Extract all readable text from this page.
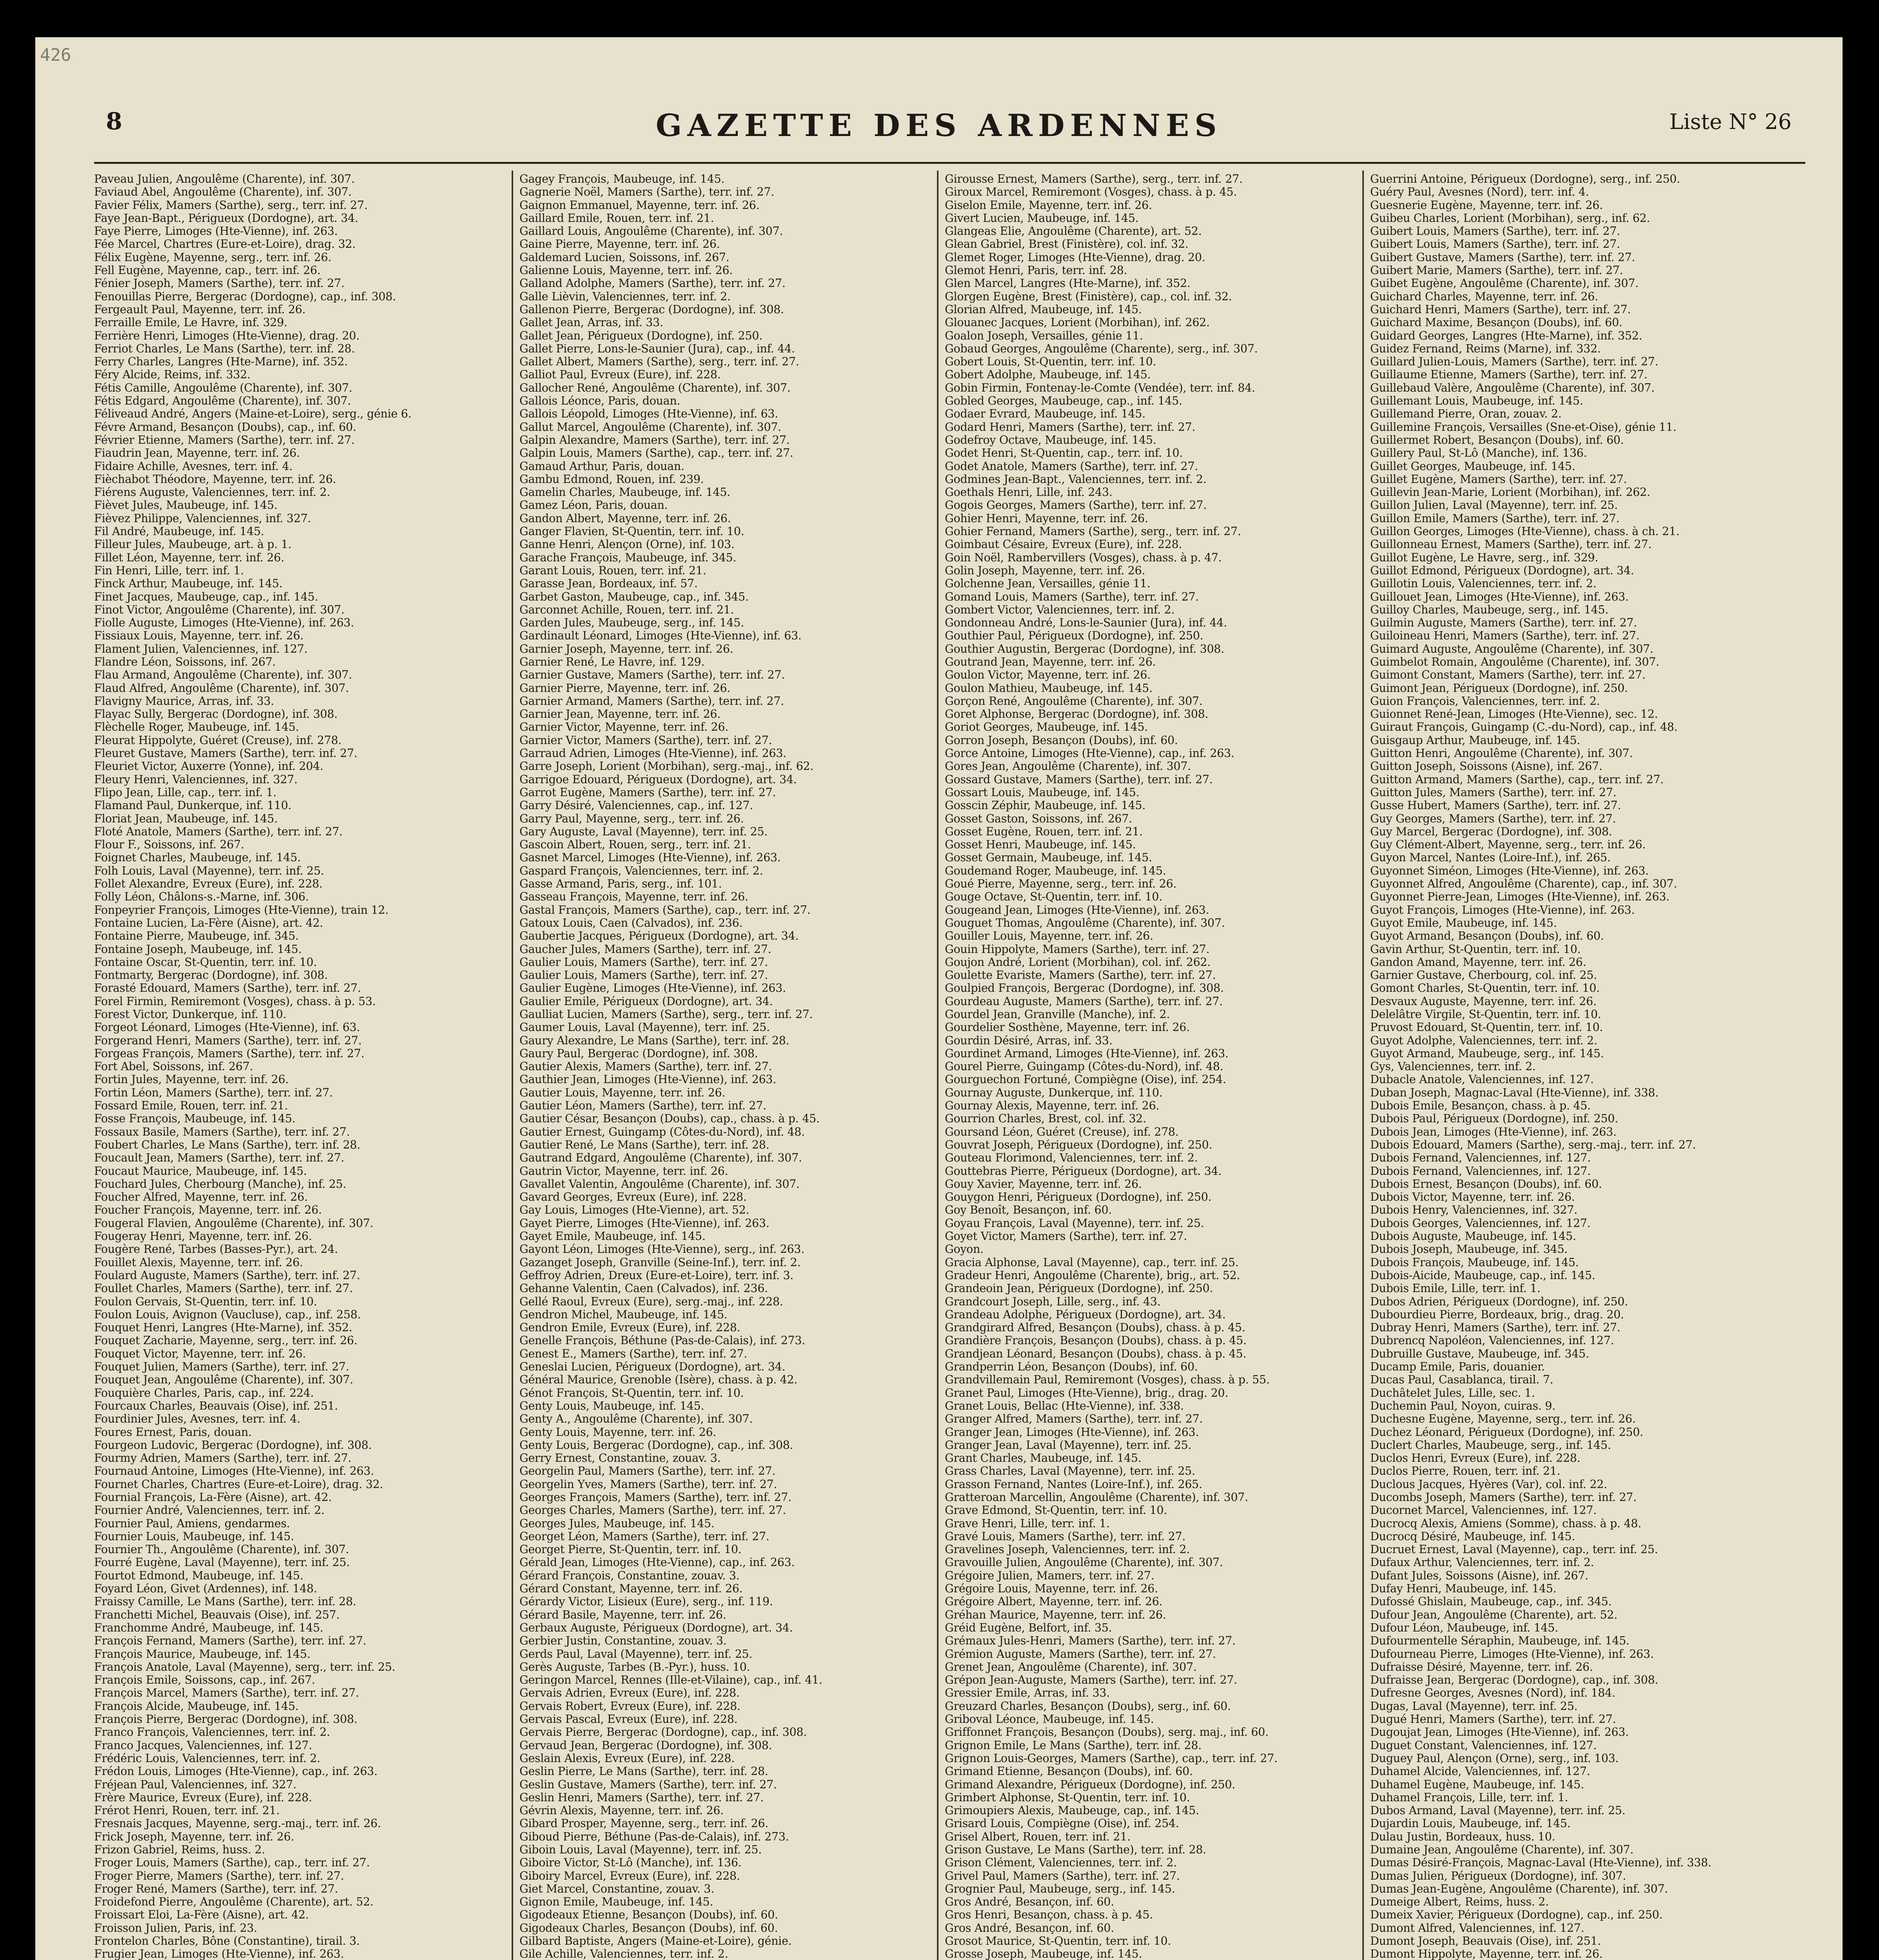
426
8	GAZETTE DES ARDENNES	Liste N° 26
Paveau Julien, Angoulême (Charente), inf. 307.
Faviaud Abel, Angoulême (Charente), inf. 307.
Favier Félix, Mamers (Sarthe), serg., terr. inf. 27.
Faye Jean-Bapt., Périgueux (Dordogne), art. 34.
Faye Pierre, Limoges (Hte-Vienne), inf. 263.
Fée Marcel, Chartres (Eure-et-Loire), drag. 32.
Félix Eugène, Mayenne, serg., terr. inf. 26.
Fell Eugène, Mayenne, cap., terr. inf. 26.
Fénier Joseph, Mamers (Sarthe), terr. inf. 27.
Fenouillas Pierre, Bergerac (Dordogne), cap., inf. 308.
Fergeault Paul, Mayenne, terr. inf. 26.
Ferraille Emile, Le Havre, inf. 329.
Ferrière Henri, Limoges (Hte-Vienne), drag. 20.
Ferriot Charles, Le Mans (Sarthe), terr. inf. 28.
Ferry Charles, Langres (Hte-Marne), inf. 352.
Féry Alcide, Reims, inf. 332.
Fétis Camille, Angoulême (Charente), inf. 307.
Fétis Edgard, Angoulême (Charente), inf. 307.
Féliveaud André, Angers (Maine-et-Loire), serg., génie 6.
Févre Armand, Besançon (Doubs), cap., inf. 60.
Février Etienne, Mamers (Sarthe), terr. inf. 27.
Fiaudrin Jean, Mayenne, terr. inf. 26.
Fidaire Achille, Avesnes, terr. inf. 4.
Fièchabot Théodore, Mayenne, terr. inf. 26.
Fiérens Auguste, Valenciennes, terr. inf. 2.
Fièvet Jules, Maubeuge, inf. 145.
Fièvez Philippe, Valenciennes, inf. 327.
Fil André, Maubeuge, inf. 145.
Filleur Jules, Maubeuge, art. à p. 1.
Fillet Léon, Mayenne, terr. inf. 26.
Fin Henri, Lille, terr. inf. 1.
Finck Arthur, Maubeuge, inf. 145.
Finet Jacques, Maubeuge, cap., inf. 145.
Finot Victor, Angoulême (Charente), inf. 307.
Fiolle Auguste, Limoges (Hte-Vienne), inf. 263.
Fissiaux Louis, Mayenne, terr. inf. 26.
Flament Julien, Valenciennes, inf. 127.
Flandre Léon, Soissons, inf. 267.
Flau Armand, Angoulême (Charente), inf. 307.
Flaud Alfred, Angoulême (Charente), inf. 307.
Flavigny Maurice, Arras, inf. 33.
Flayac Sully, Bergerac (Dordogne), inf. 308.
Flèchelle Roger, Maubeuge, inf. 145.
Fleurat Hippolyte, Guéret (Creuse), inf. 278.
Fleuret Gustave, Mamers (Sarthe), terr. inf. 27.
Fleuriet Victor, Auxerre (Yonne), inf. 204.
Fleury Henri, Valenciennes, inf. 327.
Flipo Jean, Lille, cap., terr. inf. 1.
Flamand Paul, Dunkerque, inf. 110.
Floriat Jean, Maubeuge, inf. 145.
Floté Anatole, Mamers (Sarthe), terr. inf. 27.
Flour F., Soissons, inf. 267.
Foignet Charles, Maubeuge, inf. 145.
Folh Louis, Laval (Mayenne), terr. inf. 25.
Follet Alexandre, Evreux (Eure), inf. 228.
Folly Léon, Châlons-s.-Marne, inf. 306.
Fonpeyrier François, Limoges (Hte-Vienne), train 12.
Fontaine Lucien, La-Fère (Aisne), art. 42.
Fontaine Pierre, Maubeuge, inf. 345.
Fontaine Joseph, Maubeuge, inf. 145.
Fontaine Oscar, St-Quentin, terr. inf. 10.
Fontmarty, Bergerac (Dordogne), inf. 308.
Forasté Edouard, Mamers (Sarthe), terr. inf. 27.
Forel Firmin, Remiremont (Vosges), chass. à p. 53.
Forest Victor, Dunkerque, inf. 110.
Forgeot Léonard, Limoges (Hte-Vienne), inf. 63.
Forgerand Henri, Mamers (Sarthe), terr. inf. 27.
Forgeas François, Mamers (Sarthe), terr. inf. 27.
Fort Abel, Soissons, inf. 267.
Fortin Jules, Mayenne, terr. inf. 26.
Fortin Léon, Mamers (Sarthe), terr. inf. 27.
Fossard Emile, Rouen, terr. inf. 21.
Fosse François, Maubeuge, inf. 145.
Fossaux Basile, Mamers (Sarthe), terr. inf. 27.
Foubert Charles, Le Mans (Sarthe), terr. inf. 28.
Foucault Jean, Mamers (Sarthe), terr. inf. 27.
Foucaut Maurice, Maubeuge, inf. 145.
Fouchard Jules, Cherbourg (Manche), inf. 25.
Foucher Alfred, Mayenne, terr. inf. 26.
Foucher François, Mayenne, terr. inf. 26.
Fougeral Flavien, Angoulême (Charente), inf. 307.
Fougeray Henri, Mayenne, terr. inf. 26.
Fougère René, Tarbes (Basses-Pyr.), art. 24.
Fouillet Alexis, Mayenne, terr. inf. 26.
Foulard Auguste, Mamers (Sarthe), terr. inf. 27.
Foullet Charles, Mamers (Sarthe), terr. inf. 27.
Foulon Gervais, St-Quentin, terr. inf. 10.
Foulon Louis, Avignon (Vaucluse), cap., inf. 258.
Fouquet Henri, Langres (Hte-Marne), inf. 352.
Fouquet Zacharie, Mayenne, serg., terr. inf. 26.
Fouquet Victor, Mayenne, terr. inf. 26.
Fouquet Julien, Mamers (Sarthe), terr. inf. 27.
Fouquet Jean, Angoulême (Charente), inf. 307.
Fouquière Charles, Paris, cap., inf. 224.
Fourcaux Charles, Beauvais (Oise), inf. 251.
Fourdinier Jules, Avesnes, terr. inf. 4.
Foures Ernest, Paris, douan.
Fourgeon Ludovic, Bergerac (Dordogne), inf. 308.
Fourmy Adrien, Mamers (Sarthe), terr. inf. 27.
Fournaud Antoine, Limoges (Hte-Vienne), inf. 263.
Fournet Charles, Chartres (Eure-et-Loire), drag. 32.
Fournial François, La-Fère (Aisne), art. 42.
Fournier André, Valenciennes, terr. inf. 2.
Fournier Paul, Amiens, gendarmes.
Fournier Louis, Maubeuge, inf. 145.
Fournier Th., Angoulême (Charente), inf. 307.
Fourré Eugène, Laval (Mayenne), terr. inf. 25.
Fourtot Edmond, Maubeuge, inf. 145.
Foyard Léon, Givet (Ardennes), inf. 148.
Fraissy Camille, Le Mans (Sarthe), terr. inf. 28.
Franchetti Michel, Beauvais (Oise), inf. 257.
Franchomme André, Maubeuge, inf. 145.
François Fernand, Mamers (Sarthe), terr. inf. 27.
François Maurice, Maubeuge, inf. 145.
François Anatole, Laval (Mayenne), serg., terr. inf. 25.
François Emile, Soissons, cap., inf. 267.
François Marcel, Mamers (Sarthe), terr. inf. 27.
François Alcide, Maubeuge, inf. 145.
François Pierre, Bergerac (Dordogne), inf. 308.
Franco François, Valenciennes, terr. inf. 2.
Franco Jacques, Valenciennes, inf. 127.
Frédéric Louis, Valenciennes, terr. inf. 2.
Frédon Louis, Limoges (Hte-Vienne), cap., inf. 263.
Fréjean Paul, Valenciennes, inf. 327.
Frère Maurice, Evreux (Eure), inf. 228.
Frérot Henri, Rouen, terr. inf. 21.
Fresnais Jacques, Mayenne, serg.-maj., terr. inf. 26.
Frick Joseph, Mayenne, terr. inf. 26.
Frizon Gabriel, Reims, huss. 2.
Froger Louis, Mamers (Sarthe), cap., terr. inf. 27.
Froger Pierre, Mamers (Sarthe), terr. inf. 27.
Froger René, Mamers (Sarthe), terr. inf. 27.
Froidefond Pierre, Angoulême (Charente), art. 52.
Froissart Eloi, La-Fère (Aisne), art. 42.
Froisson Julien, Paris, inf. 23.
Frontelon Charles, Bône (Constantine), tirail. 3.
Frugier Jean, Limoges (Hte-Vienne), inf. 263.
Gagey François, Maubeuge, inf. 145.
Gagnerie Noël, Mamers (Sarthe), terr. inf. 27.
Gaignon Emmanuel, Mayenne, terr. inf. 26.
Gaillard Emile, Rouen, terr. inf. 21.
Gaillard Louis, Angoulême (Charente), inf. 307.
Gaine Pierre, Mayenne, terr. inf. 26.
Galdemard Lucien, Soissons, inf. 267.
Galienne Louis, Mayenne, terr. inf. 26.
Galland Adolphe, Mamers (Sarthe), terr. inf. 27.
Galle Lièvin, Valenciennes, terr. inf. 2.
Gallenon Pierre, Bergerac (Dordogne), inf. 308.
Gallet Jean, Arras, inf. 33.
Gallet Jean, Périgueux (Dordogne), inf. 250.
Gallet Pierre, Lons-le-Saunier (Jura), cap., inf. 44.
Gallet Albert, Mamers (Sarthe), serg., terr. inf. 27.
Galliot Paul, Evreux (Eure), inf. 228.
Gallocher René, Angoulême (Charente), inf. 307.
Gallois Léonce, Paris, douan.
Gallois Léopold, Limoges (Hte-Vienne), inf. 63.
Gallut Marcel, Angoulême (Charente), inf. 307.
Galpin Alexandre, Mamers (Sarthe), terr. inf. 27.
Galpin Louis, Mamers (Sarthe), cap., terr. inf. 27.
Gamaud Arthur, Paris, douan.
Gambu Edmond, Rouen, inf. 239.
Gamelin Charles, Maubeuge, inf. 145.
Gamez Léon, Paris, douan.
Gandon Albert, Mayenne, terr. inf. 26.
Ganger Flavien, St-Quentin, terr. inf. 10.
Ganne Henri, Alençon (Orne), inf. 103.
Garache François, Maubeuge, inf. 345.
Garant Louis, Rouen, terr. inf. 21.
Garasse Jean, Bordeaux, inf. 57.
Garbet Gaston, Maubeuge, cap., inf. 345.
Garconnet Achille, Rouen, terr. inf. 21.
Garden Jules, Maubeuge, serg., inf. 145.
Gardinault Léonard, Limoges (Hte-Vienne), inf. 63.
Garnier Joseph, Mayenne, terr. inf. 26.
Garnier René, Le Havre, inf. 129.
Garnier Gustave, Mamers (Sarthe), terr. inf. 27.
Garnier Pierre, Mayenne, terr. inf. 26.
Garnier Armand, Mamers (Sarthe), terr. inf. 27.
Garnier Jean, Mayenne, terr. inf. 26.
Garnier Victor, Mayenne, terr. inf. 26.
Garnier Victor, Mamers (Sarthe), terr. inf. 27.
Garraud Adrien, Limoges (Hte-Vienne), inf. 263.
Garre Joseph, Lorient (Morbihan), serg.-maj., inf. 62.
Garrigoe Edouard, Périgueux (Dordogne), art. 34.
Garrot Eugène, Mamers (Sarthe), terr. inf. 27.
Garry Désiré, Valenciennes, cap., inf. 127.
Garry Paul, Mayenne, serg., terr. inf. 26.
Gary Auguste, Laval (Mayenne), terr. inf. 25.
Gascoin Albert, Rouen, serg., terr. inf. 21.
Gasnet Marcel, Limoges (Hte-Vienne), inf. 263.
Gaspard François, Valenciennes, terr. inf. 2.
Gasse Armand, Paris, serg., inf. 101.
Gasseau François, Mayenne, terr. inf. 26.
Gastal François, Mamers (Sarthe), cap., terr. inf. 27.
Gatoux Louis, Caen (Calvados), inf. 236.
Gaubertie Jacques, Périgueux (Dordogne), art. 34.
Gaucher Jules, Mamers (Sarthe), terr. inf. 27.
Gaulier Louis, Mamers (Sarthe), terr. inf. 27.
Gaulier Louis, Mamers (Sarthe), terr. inf. 27.
Gaulier Eugène, Limoges (Hte-Vienne), inf. 263.
Gaulier Emile, Périgueux (Dordogne), art. 34.
Gaulliat Lucien, Mamers (Sarthe), serg., terr. inf. 27.
Gaumer Louis, Laval (Mayenne), terr. inf. 25.
Gaury Alexandre, Le Mans (Sarthe), terr. inf. 28.
Gaury Paul, Bergerac (Dordogne), inf. 308.
Gautier Alexis, Mamers (Sarthe), terr. inf. 27.
Gauthier Jean, Limoges (Hte-Vienne), inf. 263.
Gautier Louis, Mayenne, terr. inf. 26.
Gautier Léon, Mamers (Sarthe), terr. inf. 27.
Gautier César, Besançon (Doubs), cap., chass. à p. 45.
Gautier Ernest, Guingamp (Côtes-du-Nord), inf. 48.
Gautier René, Le Mans (Sarthe), terr. inf. 28.
Gautrand Edgard, Angoulême (Charente), inf. 307.
Gautrin Victor, Mayenne, terr. inf. 26.
Gavallet Valentin, Angoulême (Charente), inf. 307.
Gavard Georges, Evreux (Eure), inf. 228.
Gay Louis, Limoges (Hte-Vienne), art. 52.
Gayet Pierre, Limoges (Hte-Vienne), inf. 263.
Gayet Emile, Maubeuge, inf. 145.
Gayont Léon, Limoges (Hte-Vienne), serg., inf. 263.
Gazanget Joseph, Granville (Seine-Inf.), terr. inf. 2.
Geffroy Adrien, Dreux (Eure-et-Loire), terr. inf. 3.
Gehanne Valentin, Caen (Calvados), inf. 236.
Gellé Raoul, Evreux (Eure), serg.-maj., inf. 228.
Gendron Michel, Maubeuge, inf. 145.
Gendron Emile, Evreux (Eure), inf. 228.
Genelle François, Béthune (Pas-de-Calais), inf. 273.
Genest E., Mamers (Sarthe), terr. inf. 27.
Geneslai Lucien, Périgueux (Dordogne), art. 34.
Général Maurice, Grenoble (Isère), chass. à p. 42.
Génot François, St-Quentin, terr. inf. 10.
Genty Louis, Maubeuge, inf. 145.
Genty A., Angoulême (Charente), inf. 307.
Genty Louis, Mayenne, terr. inf. 26.
Genty Louis, Bergerac (Dordogne), cap., inf. 308.
Gerry Ernest, Constantine, zouav. 3.
Georgelin Paul, Mamers (Sarthe), terr. inf. 27.
Georgelin Yves, Mamers (Sarthe), terr. inf. 27.
Georges François, Mamers (Sarthe), terr. inf. 27.
Georges Charles, Mamers (Sarthe), terr. inf. 27.
Georges Jules, Maubeuge, inf. 145.
Georget Léon, Mamers (Sarthe), terr. inf. 27.
Georget Pierre, St-Quentin, terr. inf. 10.
Gérald Jean, Limoges (Hte-Vienne), cap., inf. 263.
Gérard François, Constantine, zouav. 3.
Gérard Constant, Mayenne, terr. inf. 26.
Gérardy Victor, Lisieux (Eure), serg., inf. 119.
Gérard Basile, Mayenne, terr. inf. 26.
Gerbaux Auguste, Périgueux (Dordogne), art. 34.
Gerbier Justin, Constantine, zouav. 3.
Gerds Paul, Laval (Mayenne), terr. inf. 25.
Gerès Auguste, Tarbes (B.-Pyr.), huss. 10.
Geringon Marcel, Rennes (Ille-et-Vilaine), cap., inf. 41.
Gervais Adrien, Evreux (Eure), inf. 228.
Gervais Robert, Evreux (Eure), inf. 228.
Gervais Pascal, Evreux (Eure), inf. 228.
Gervais Pierre, Bergerac (Dordogne), cap., inf. 308.
Gervaud Jean, Bergerac (Dordogne), inf. 308.
Geslain Alexis, Evreux (Eure), inf. 228.
Geslin Pierre, Le Mans (Sarthe), terr. inf. 28.
Geslin Gustave, Mamers (Sarthe), terr. inf. 27.
Geslin Henri, Mamers (Sarthe), terr. inf. 27.
Gévrin Alexis, Mayenne, terr. inf. 26.
Gibard Prosper, Mayenne, serg., terr. inf. 26.
Giboud Pierre, Béthune (Pas-de-Calais), inf. 273.
Giboin Louis, Laval (Mayenne), terr. inf. 25.
Giboire Victor, St-Lô (Manche), inf. 136.
Giboiry Marcel, Evreux (Eure), inf. 228.
Giet Marcel, Constantine, zouav. 3.
Gignon Emile, Maubeuge, inf. 145.
Gigodeaux Etienne, Besançon (Doubs), inf. 60.
Gigodeaux Charles, Besançon (Doubs), inf. 60.
Gilbard Baptiste, Angers (Maine-et-Loire), génie.
Gile Achille, Valenciennes, terr. inf. 2.
Girousse Ernest, Mamers (Sarthe), serg., terr. inf. 27.
Giroux Marcel, Remiremont (Vosges), chass. à p. 45.
Giselon Emile, Mayenne, terr. inf. 26.
Givert Lucien, Maubeuge, inf. 145.
Glangeas Elie, Angoulême (Charente), art. 52.
Glean Gabriel, Brest (Finistère), col. inf. 32.
Glemet Roger, Limoges (Hte-Vienne), drag. 20.
Glemot Henri, Paris, terr. inf. 28.
Glen Marcel, Langres (Hte-Marne), inf. 352.
Glorgen Eugène, Brest (Finistère), cap., col. inf. 32.
Glorian Alfred, Maubeuge, inf. 145.
Glouanec Jacques, Lorient (Morbihan), inf. 262.
Goalon Joseph, Versailles, génie 11.
Gobaud Georges, Angoulême (Charente), serg., inf. 307.
Gobert Louis, St-Quentin, terr. inf. 10.
Gobert Adolphe, Maubeuge, inf. 145.
Gobin Firmin, Fontenay-le-Comte (Vendée), terr. inf. 84.
Gobled Georges, Maubeuge, cap., inf. 145.
Godaer Evrard, Maubeuge, inf. 145.
Godard Henri, Mamers (Sarthe), terr. inf. 27.
Godefroy Octave, Maubeuge, inf. 145.
Godet Henri, St-Quentin, cap., terr. inf. 10.
Godet Anatole, Mamers (Sarthe), terr. inf. 27.
Godmines Jean-Bapt., Valenciennes, terr. inf. 2.
Goethals Henri, Lille, inf. 243.
Gogois Georges, Mamers (Sarthe), terr. inf. 27.
Gohier Henri, Mayenne, terr. inf. 26.
Gohier Fernand, Mamers (Sarthe), serg., terr. inf. 27.
Goimbaut Césaire, Evreux (Eure), inf. 228.
Goin Noël, Rambervillers (Vosges), chass. à p. 47.
Golin Joseph, Mayenne, terr. inf. 26.
Golchenne Jean, Versailles, génie 11.
Gomand Louis, Mamers (Sarthe), terr. inf. 27.
Gombert Victor, Valenciennes, terr. inf. 2.
Gondonneau André, Lons-le-Saunier (Jura), inf. 44.
Gouthier Paul, Périgueux (Dordogne), inf. 250.
Gouthier Augustin, Bergerac (Dordogne), inf. 308.
Goutrand Jean, Mayenne, terr. inf. 26.
Goulon Victor, Mayenne, terr. inf. 26.
Goulon Mathieu, Maubeuge, inf. 145.
Gorçon René, Angoulême (Charente), inf. 307.
Goret Alphonse, Bergerac (Dordogne), inf. 308.
Goriot Georges, Maubeuge, inf. 145.
Gorron Joseph, Besançon (Doubs), inf. 60.
Gorce Antoine, Limoges (Hte-Vienne), cap., inf. 263.
Gores Jean, Angoulême (Charente), inf. 307.
Gossard Gustave, Mamers (Sarthe), terr. inf. 27.
Gossart Louis, Maubeuge, inf. 145.
Gosscin Zéphir, Maubeuge, inf. 145.
Gosset Gaston, Soissons, inf. 267.
Gosset Eugène, Rouen, terr. inf. 21.
Gosset Henri, Maubeuge, inf. 145.
Gosset Germain, Maubeuge, inf. 145.
Goudemand Roger, Maubeuge, inf. 145.
Goué Pierre, Mayenne, serg., terr. inf. 26.
Gouge Octave, St-Quentin, terr. inf. 10.
Gougeand Jean, Limoges (Hte-Vienne), inf. 263.
Gouguet Thomas, Angoulême (Charente), inf. 307.
Gouiller Louis, Mayenne, terr. inf. 26.
Gouin Hippolyte, Mamers (Sarthe), terr. inf. 27.
Goujon André, Lorient (Morbihan), col. inf. 262.
Goulette Evariste, Mamers (Sarthe), terr. inf. 27.
Goulpied François, Bergerac (Dordogne), inf. 308.
Gourdeau Auguste, Mamers (Sarthe), terr. inf. 27.
Gourdel Jean, Granville (Manche), inf. 2.
Gourdelier Sosthène, Mayenne, terr. inf. 26.
Gourdin Désiré, Arras, inf. 33.
Gourdinet Armand, Limoges (Hte-Vienne), inf. 263.
Gourel Pierre, Guingamp (Côtes-du-Nord), inf. 48.
Gourguechon Fortuné, Compiègne (Oise), inf. 254.
Gournay Auguste, Dunkerque, inf. 110.
Gournay Alexis, Mayenne, terr. inf. 26.
Gourrion Charles, Brest, col. inf. 32.
Goursand Léon, Guéret (Creuse), inf. 278.
Gouvrat Joseph, Périgueux (Dordogne), inf. 250.
Gouteau Florimond, Valenciennes, terr. inf. 2.
Gouttebras Pierre, Périgueux (Dordogne), art. 34.
Gouy Xavier, Mayenne, terr. inf. 26.
Gouygon Henri, Périgueux (Dordogne), inf. 250.
Goy Benoît, Besançon, inf. 60.
Goyau François, Laval (Mayenne), terr. inf. 25.
Goyet Victor, Mamers (Sarthe), terr. inf. 27.
Goyon.
Gracia Alphonse, Laval (Mayenne), cap., terr. inf. 25.
Gradeur Henri, Angoulême (Charente), brig., art. 52.
Grandeoin Jean, Périgueux (Dordogne), inf. 250.
Grandcourt Joseph, Lille, serg., inf. 43.
Grandeau Adolphe, Périgueux (Dordogne), art. 34.
Grandgirard Alfred, Besançon (Doubs), chass. à p. 45.
Grandière François, Besançon (Doubs), chass. à p. 45.
Grandjean Léonard, Besançon (Doubs), chass. à p. 45.
Grandperrin Léon, Besançon (Doubs), inf. 60.
Grandvillemain Paul, Remiremont (Vosges), chass. à p. 55.
Granet Paul, Limoges (Hte-Vienne), brig., drag. 20.
Granet Louis, Bellac (Hte-Vienne), inf. 338.
Granger Alfred, Mamers (Sarthe), terr. inf. 27.
Granger Jean, Limoges (Hte-Vienne), inf. 263.
Granger Jean, Laval (Mayenne), terr. inf. 25.
Grant Charles, Maubeuge, inf. 145.
Grass Charles, Laval (Mayenne), terr. inf. 25.
Grasson Fernand, Nantes (Loire-Inf.), inf. 265.
Gratteroan Marcellin, Angoulême (Charente), inf. 307.
Grave Edmond, St-Quentin, terr. inf. 10.
Grave Henri, Lille, terr. inf. 1.
Gravé Louis, Mamers (Sarthe), terr. inf. 27.
Gravelines Joseph, Valenciennes, terr. inf. 2.
Gravouille Julien, Angoulême (Charente), inf. 307.
Grégoire Julien, Mamers, terr. inf. 27.
Grégoire Louis, Mayenne, terr. inf. 26.
Grégoire Albert, Mayenne, terr. inf. 26.
Gréhan Maurice, Mayenne, terr. inf. 26.
Gréid Eugène, Belfort, inf. 35.
Grémaux Jules-Henri, Mamers (Sarthe), terr. inf. 27.
Grémion Auguste, Mamers (Sarthe), terr. inf. 27.
Grenet Jean, Angoulême (Charente), inf. 307.
Grépon Jean-Auguste, Mamers (Sarthe), terr. inf. 27.
Gressier Emile, Arras, inf. 33.
Greuzard Charles, Besançon (Doubs), serg., inf. 60.
Griboval Léonce, Maubeuge, inf. 145.
Griffonnet François, Besançon (Doubs), serg. maj., inf. 60.
Grignon Emile, Le Mans (Sarthe), terr. inf. 28.
Grignon Louis-Georges, Mamers (Sarthe), cap., terr. inf. 27.
Grimand Etienne, Besançon (Doubs), inf. 60.
Grimand Alexandre, Périgueux (Dordogne), inf. 250.
Grimbert Alphonse, St-Quentin, terr. inf. 10.
Grimoupiers Alexis, Maubeuge, cap., inf. 145.
Grisard Louis, Compiègne (Oise), inf. 254.
Grisel Albert, Rouen, terr. inf. 21.
Grison Gustave, Le Mans (Sarthe), terr. inf. 28.
Grison Clément, Valenciennes, terr. inf. 2.
Grivel Paul, Mamers (Sarthe), terr. inf. 27.
Grognier Paul, Maubeuge, serg., inf. 145.
Gros André, Besançon, inf. 60.
Gros Henri, Besançon, chass. à p. 45.
Gros André, Besançon, inf. 60.
Grosot Maurice, St-Quentin, terr. inf. 10.
Grosse Joseph, Maubeuge, inf. 145.
Guerrini Antoine, Périgueux (Dordogne), serg., inf. 250.
Guéry Paul, Avesnes (Nord), terr. inf. 4.
Guesnerie Eugène, Mayenne, terr. inf. 26.
Guibeu Charles, Lorient (Morbihan), serg., inf. 62.
Guibert Louis, Mamers (Sarthe), terr. inf. 27.
Guibert Louis, Mamers (Sarthe), terr. inf. 27.
Guibert Gustave, Mamers (Sarthe), terr. inf. 27.
Guibert Marie, Mamers (Sarthe), terr. inf. 27.
Guibet Eugène, Angoulême (Charente), inf. 307.
Guichard Charles, Mayenne, terr. inf. 26.
Guichard Henri, Mamers (Sarthe), terr. inf. 27.
Guichard Maxime, Besançon (Doubs), inf. 60.
Guidard Georges, Langres (Hte-Marne), inf. 352.
Guidez Fernand, Reims (Marne), inf. 332.
Guillard Julien-Louis, Mamers (Sarthe), terr. inf. 27.
Guillaume Etienne, Mamers (Sarthe), terr. inf. 27.
Guillebaud Valère, Angoulême (Charente), inf. 307.
Guillemant Louis, Maubeuge, inf. 145.
Guillemand Pierre, Oran, zouav. 2.
Guillemine François, Versailles (Sne-et-Oise), génie 11.
Guillermet Robert, Besançon (Doubs), inf. 60.
Guillery Paul, St-Lô (Manche), inf. 136.
Guillet Georges, Maubeuge, inf. 145.
Guillet Eugène, Mamers (Sarthe), terr. inf. 27.
Guillevin Jean-Marie, Lorient (Morbihan), inf. 262.
Guillon Julien, Laval (Mayenne), terr. inf. 25.
Guillon Emile, Mamers (Sarthe), terr. inf. 27.
Guillon Georges, Limoges (Hte-Vienne), chass. à ch. 21.
Guillonneau Ernest, Mamers (Sarthe), terr. inf. 27.
Guillot Eugène, Le Havre, serg., inf. 329.
Guillot Edmond, Périgueux (Dordogne), art. 34.
Guillotin Louis, Valenciennes, terr. inf. 2.
Guillouet Jean, Limoges (Hte-Vienne), inf. 263.
Guilloy Charles, Maubeuge, serg., inf. 145.
Guilmin Auguste, Mamers (Sarthe), terr. inf. 27.
Guiloineau Henri, Mamers (Sarthe), terr. inf. 27.
Guimard Auguste, Angoulême (Charente), inf. 307.
Guimbelot Romain, Angoulême (Charente), inf. 307.
Guimont Constant, Mamers (Sarthe), terr. inf. 27.
Guimont Jean, Périgueux (Dordogne), inf. 250.
Guion François, Valenciennes, terr. inf. 2.
Guionnet René-Jean, Limoges (Hte-Vienne), sec. 12.
Guiraut François, Guingamp (C.-du-Nord), cap., inf. 48.
Guisgaup Arthur, Maubeuge, inf. 145.
Guitton Henri, Angoulême (Charente), inf. 307.
Guitton Joseph, Soissons (Aisne), inf. 267.
Guitton Armand, Mamers (Sarthe), cap., terr. inf. 27.
Guitton Jules, Mamers (Sarthe), terr. inf. 27.
Gusse Hubert, Mamers (Sarthe), terr. inf. 27.
Guy Georges, Mamers (Sarthe), terr. inf. 27.
Guy Marcel, Bergerac (Dordogne), inf. 308.
Guy Clément-Albert, Mayenne, serg., terr. inf. 26.
Guyon Marcel, Nantes (Loire-Inf.), inf. 265.
Guyonnet Siméon, Limoges (Hte-Vienne), inf. 263.
Guyonnet Alfred, Angoulême (Charente), cap., inf. 307.
Guyonnet Pierre-Jean, Limoges (Hte-Vienne), inf. 263.
Guyot François, Limoges (Hte-Vienne), inf. 263.
Guyot Emile, Maubeuge, inf. 145.
Guyot Armand, Besançon (Doubs), inf. 60.
Gavin Arthur, St-Quentin, terr. inf. 10.
Gandon Amand, Mayenne, terr. inf. 26.
Garnier Gustave, Cherbourg, col. inf. 25.
Gomont Charles, St-Quentin, terr. inf. 10.
Desvaux Auguste, Mayenne, terr. inf. 26.
Delelâtre Virgile, St-Quentin, terr. inf. 10.
Pruvost Edouard, St-Quentin, terr. inf. 10.
Guyot Adolphe, Valenciennes, terr. inf. 2.
Guyot Armand, Maubeuge, serg., inf. 145.
Gys, Valenciennes, terr. inf. 2.
Dubacle Anatole, Valenciennes, inf. 127.
Duban Joseph, Magnac-Laval (Hte-Vienne), inf. 338.
Dubois Emile, Besançon, chass. à p. 45.
Dubois Paul, Périgueux (Dordogne), inf. 250.
Dubois Jean, Limoges (Hte-Vienne), inf. 263.
Dubois Edouard, Mamers (Sarthe), serg.-maj., terr. inf. 27.
Dubois Fernand, Valenciennes, inf. 127.
Dubois Fernand, Valenciennes, inf. 127.
Dubois Ernest, Besançon (Doubs), inf. 60.
Dubois Victor, Mayenne, terr. inf. 26.
Dubois Henry, Valenciennes, inf. 327.
Dubois Georges, Valenciennes, inf. 127.
Dubois Auguste, Maubeuge, inf. 145.
Dubois Joseph, Maubeuge, inf. 345.
Dubois François, Maubeuge, inf. 145.
Dubois-Aicide, Maubeuge, cap., inf. 145.
Dubois Emile, Lille, terr. inf. 1.
Dubos Adrien, Périgueux (Dordogne), inf. 250.
Dubourdieu Pierre, Bordeaux, brig., drag. 20.
Dubray Henri, Mamers (Sarthe), terr. inf. 27.
Dubrencq Napoléon, Valenciennes, inf. 127.
Dubruille Gustave, Maubeuge, inf. 345.
Ducamp Emile, Paris, douanier.
Ducas Paul, Casablanca, tirail. 7.
Duchâtelet Jules, Lille, sec. 1.
Duchemin Paul, Noyon, cuiras. 9.
Duchesne Eugène, Mayenne, serg., terr. inf. 26.
Duchez Léonard, Périgueux (Dordogne), inf. 250.
Duclert Charles, Maubeuge, serg., inf. 145.
Duclos Henri, Evreux (Eure), inf. 228.
Duclos Pierre, Rouen, terr. inf. 21.
Duclous Jacques, Hyères (Var), col. inf. 22.
Ducombs Joseph, Mamers (Sarthe), terr. inf. 27.
Ducornet Marcel, Valenciennes, inf. 127.
Ducrocq Alexis, Amiens (Somme), chass. à p. 48.
Ducrocq Désiré, Maubeuge, inf. 145.
Ducruet Ernest, Laval (Mayenne), cap., terr. inf. 25.
Dufaux Arthur, Valenciennes, terr. inf. 2.
Dufant Jules, Soissons (Aisne), inf. 267.
Dufay Henri, Maubeuge, inf. 145.
Dufossé Ghislain, Maubeuge, cap., inf. 345.
Dufour Jean, Angoulême (Charente), art. 52.
Dufour Léon, Maubeuge, inf. 145.
Dufourmentelle Séraphin, Maubeuge, inf. 145.
Dufourneau Pierre, Limoges (Hte-Vienne), inf. 263.
Dufraisse Désiré, Mayenne, terr. inf. 26.
Dufraisse Jean, Bergerac (Dordogne), cap., inf. 308.
Dufresne Georges, Avesnes (Nord), inf. 184.
Dugas, Laval (Mayenne), terr. inf. 25.
Dugué Henri, Mamers (Sarthe), terr. inf. 27.
Dugoujat Jean, Limoges (Hte-Vienne), inf. 263.
Duguet Constant, Valenciennes, inf. 127.
Duguey Paul, Alençon (Orne), serg., inf. 103.
Duhamel Alcide, Valenciennes, inf. 127.
Duhamel Eugène, Maubeuge, inf. 145.
Duhamel François, Lille, terr. inf. 1.
Dubos Armand, Laval (Mayenne), terr. inf. 25.
Dujardin Louis, Maubeuge, inf. 145.
Dulau Justin, Bordeaux, huss. 10.
Dumaine Jean, Angoulême (Charente), inf. 307.
Dumas Désiré-François, Magnac-Laval (Hte-Vienne), inf. 338.
Dumas Julien, Périgueux (Dordogne), inf. 307.
Dumas Jean-Eugène, Angoulême (Charente), inf. 307.
Dumeige Albert, Reims, huss. 2.
Dumeix Xavier, Périgueux (Dordogne), cap., inf. 250.
Dumont Alfred, Valenciennes, inf. 127.
Dumont Joseph, Beauvais (Oise), inf. 251.
Dumont Hippolyte, Mayenne, terr. inf. 26.
